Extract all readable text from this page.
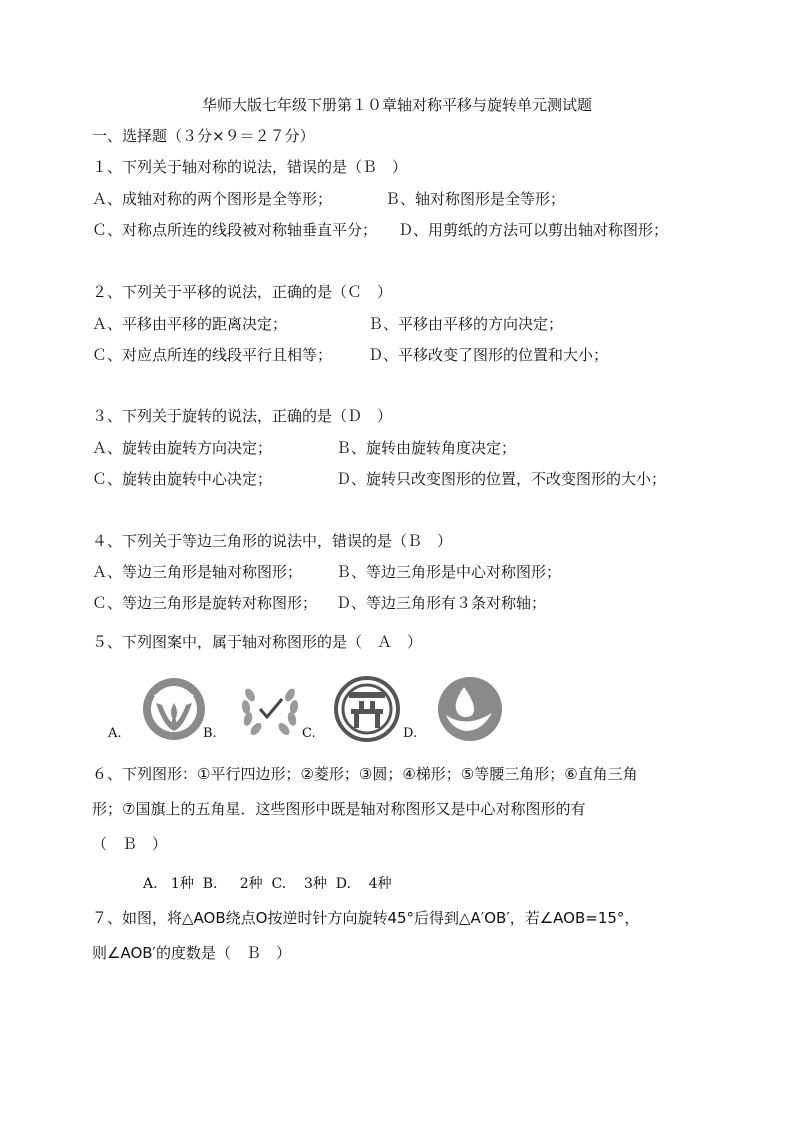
华师大版七年级下册第１０章轴对称平移与旋转单元测试题
一、选择题（３分×９＝２７分）
１、下列关于轴对称的说法，错误的是（Ｂ　）
Ａ、成轴对称的两个图形是全等形；	Ｂ、轴对称图形是全等形；
Ｃ、对称点所连的线段被对称轴垂直平分； Ｄ、用剪纸的方法可以剪出轴对称图形；
２、下列关于平移的说法，正确的是（Ｃ　）
Ａ、平移由平移的距离决定；	Ｂ、平移由平移的方向决定；
Ｃ、对应点所连的线段平行且相等； Ｄ、平移改变了图形的位置和大小；
３、下列关于旋转的说法，正确的是（Ｄ　）
Ａ、旋转由旋转方向决定；	Ｂ、旋转由旋转角度决定；
Ｃ、旋转由旋转中心决定；	Ｄ、旋转只改变图形的位置，不改变图形的大小；
４、下列关于等边三角形的说法中，错误的是（Ｂ　）
Ａ、等边三角形是轴对称图形； Ｂ、等边三角形是中心对称图形；
Ｃ、等边三角形是旋转对称图形； Ｄ、等边三角形有３条对称轴；
５、下列图案中，属于轴对称图形的是（　Ａ　）
A.	B.	C.	D.
６、下列图形：①平行四边形；②菱形；③圆；④梯形；⑤等腰三角形；⑥直角三角
形；⑦国旗上的五角星．这些图形中既是轴对称图形又是中心对称图形的有
（　Ｂ　）
A.   1种  B.     2种  C.    3种  D.    4种
７、如图，将△AOB绕点O按逆时针方向旋转45°后得到△A′OB′，若∠AOB=15°，
则∠AOB′的度数是（　Ｂ　）
